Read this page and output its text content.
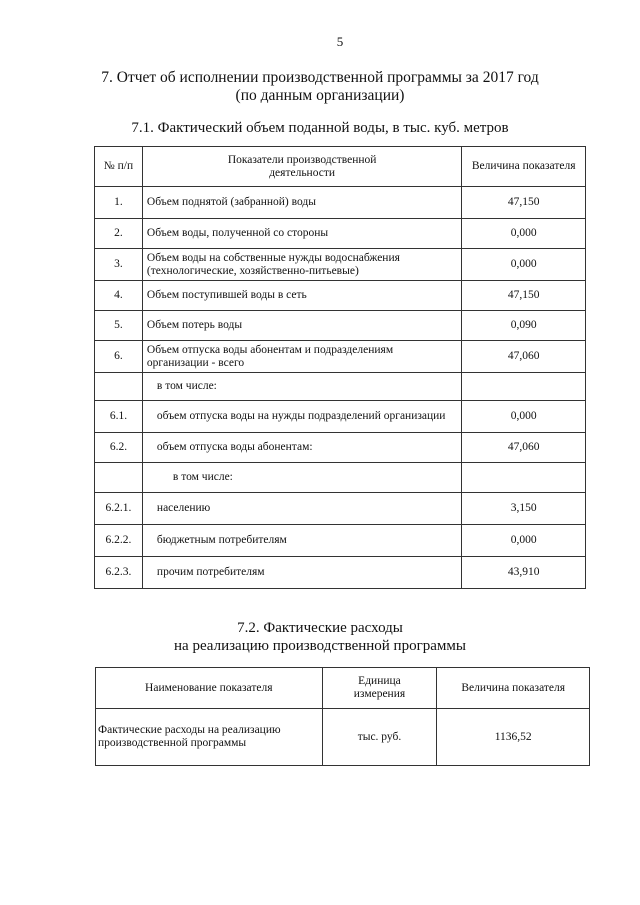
5
7. Отчет об исполнении производственной программы за 2017 год
(по данным организации)
7.1. Фактический объем поданной воды, в тыс. куб. метров
№ п/п	Показатели производственной деятельности	Величина показателя
1.	Объем поднятой (забранной) воды	47,150
2.	Объем воды, полученной со стороны	0,000
3.	Объем воды на собственные нужды водоснабжения (технологические, хозяйственно-питьевые)	0,000
4.	Объем поступившей воды в сеть	47,150
5.	Объем потерь воды	0,090
6.	Объем отпуска воды абонентам и подразделениям организации - всего	47,060
	в том числе:	
6.1.	объем отпуска воды на нужды подразделений организации	0,000
6.2.	объем отпуска воды абонентам:	47,060
	в том числе:	
6.2.1.	населению	3,150
6.2.2.	бюджетным потребителям	0,000
6.2.3.	прочим потребителям	43,910
7.2. Фактические расходы
на реализацию производственной программы
Наименование показателя	Единица измерения	Величина показателя
Фактические расходы на реализацию производственной программы	тыс. руб.	1136,52
